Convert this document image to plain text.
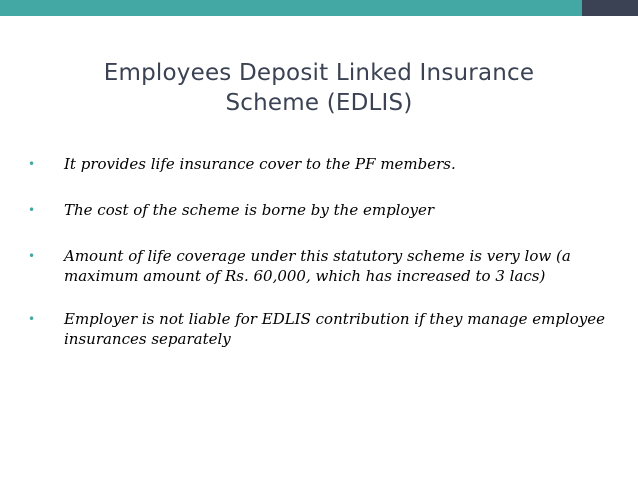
Employees Deposit Linked Insurance
Scheme (EDLIS)
• It provides life insurance cover to the PF members.
• The cost of the scheme is borne by the employer
• Amount of life coverage under this statutory scheme is very low (a maximum amount of Rs. 60,000, which has increased to 3 lacs)
• Employer is not liable for EDLIS contribution if they manage employee insurances separately
